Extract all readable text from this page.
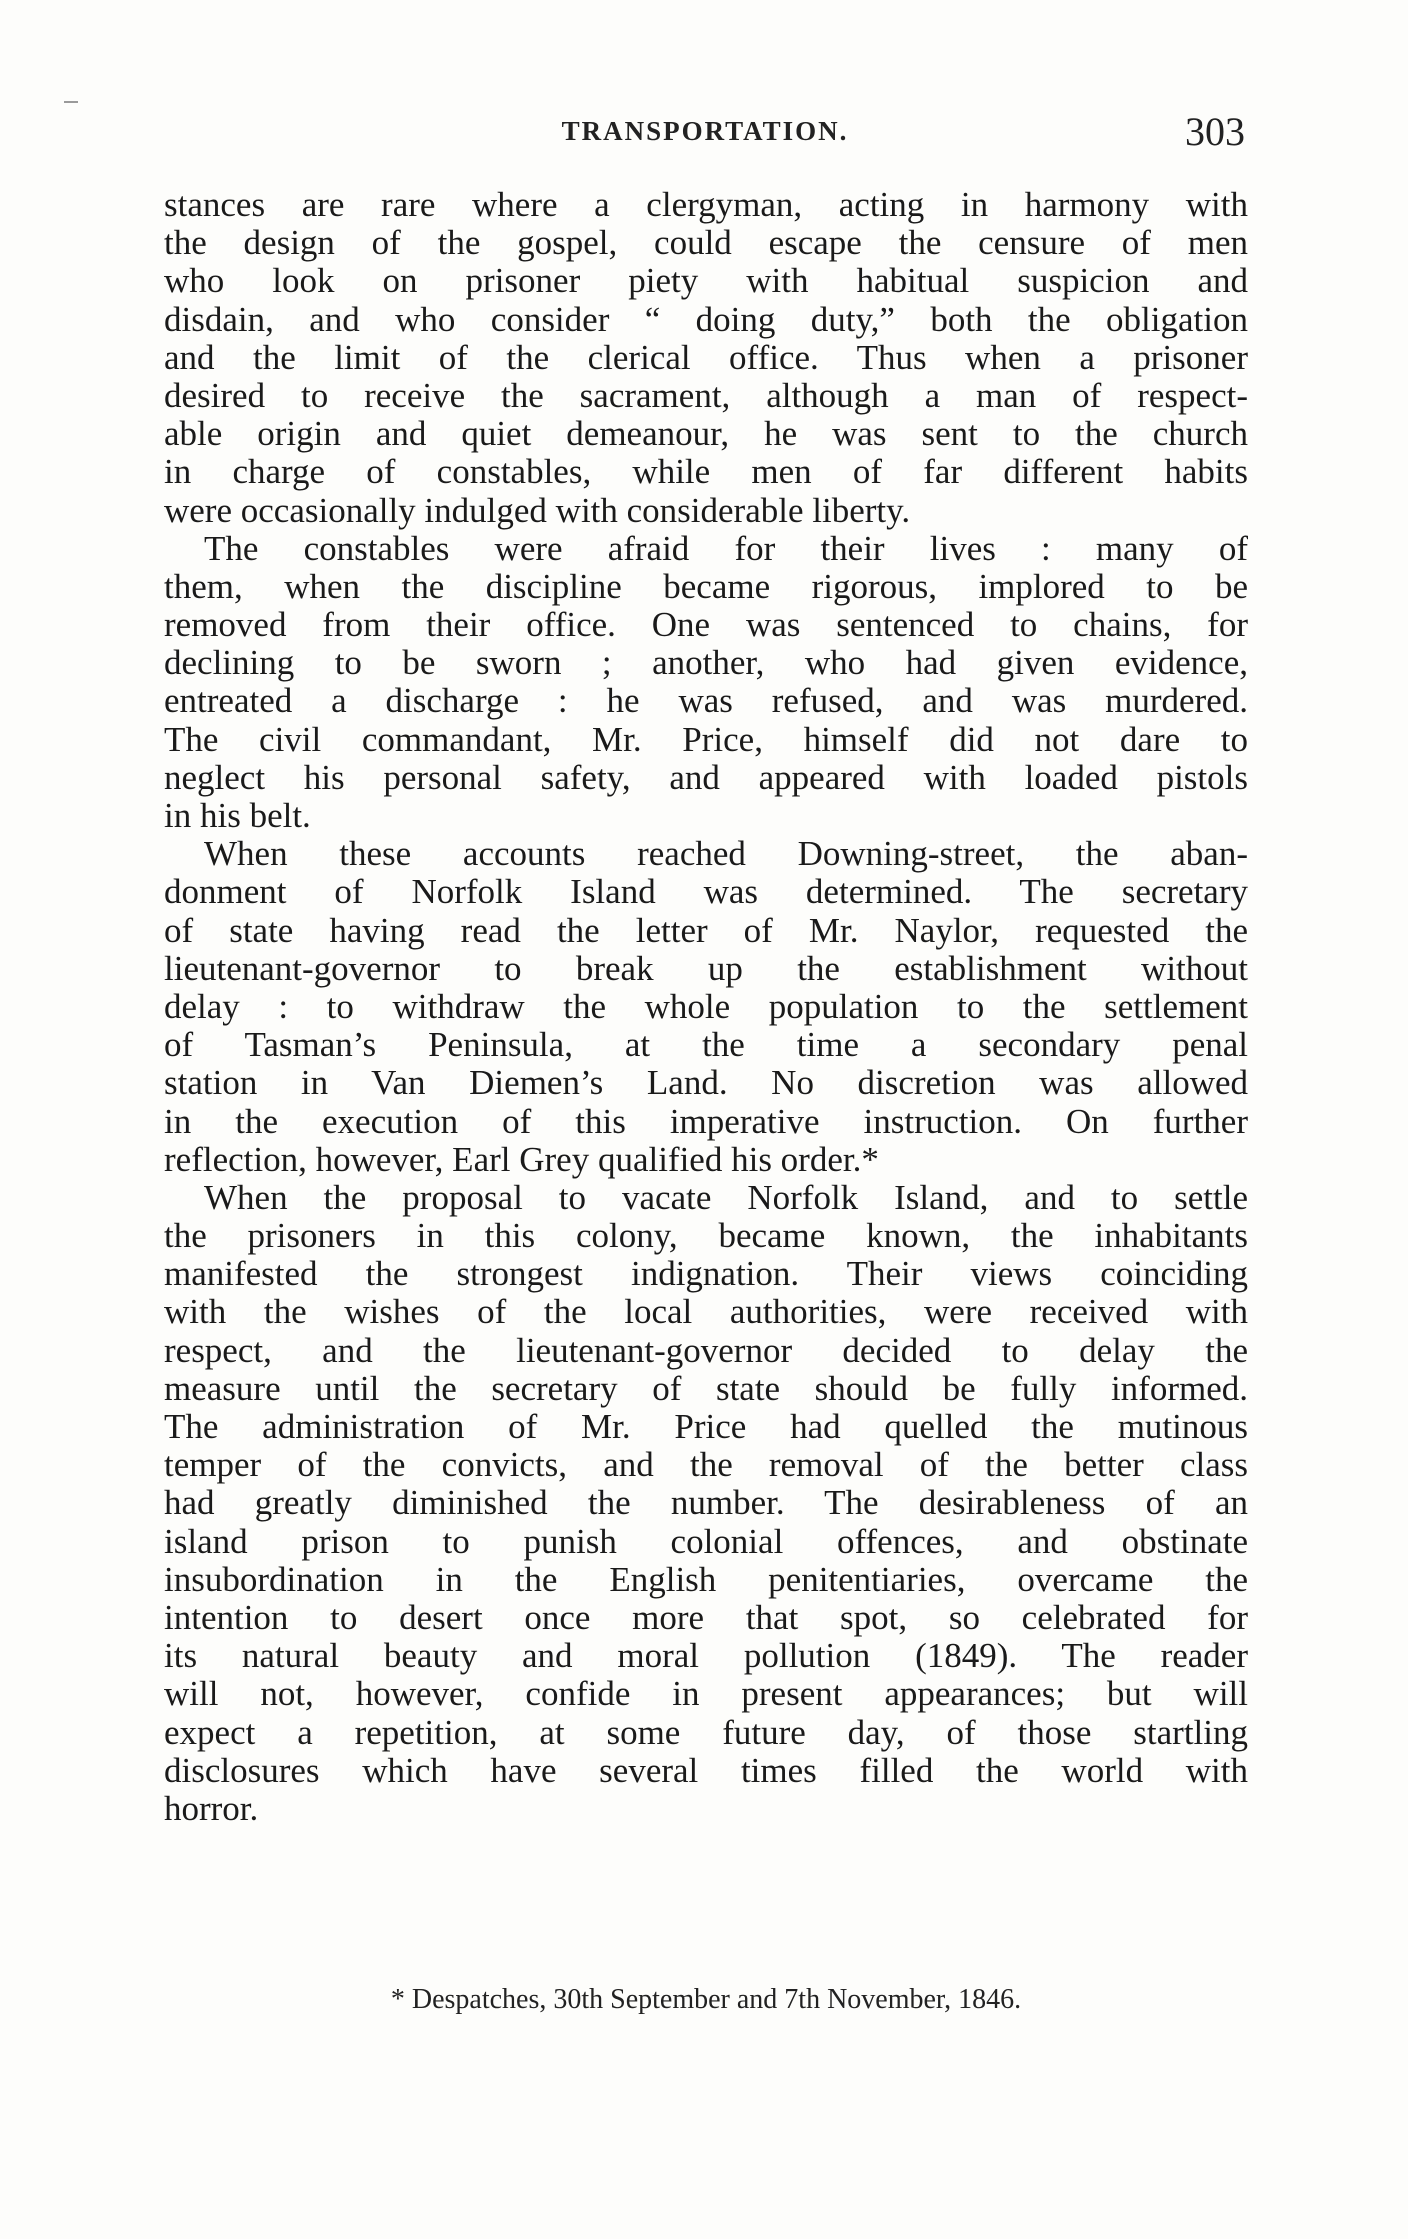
TRANSPORTATION.	303
stances are rare where a clergyman, acting in harmony with
the design of the gospel, could escape the censure of men
who look on prisoner piety with habitual suspicion and
disdain, and who consider “ doing duty,” both the obligation
and the limit of the clerical office. Thus when a prisoner
desired to receive the sacrament, although a man of respect-
able origin and quiet demeanour, he was sent to the church
in charge of constables, while men of far different habits
were occasionally indulged with considerable liberty.
The constables were afraid for their lives : many of
them, when the discipline became rigorous, implored to be
removed from their office. One was sentenced to chains, for
declining to be sworn ; another, who had given evidence,
entreated a discharge : he was refused, and was murdered.
The civil commandant, Mr. Price, himself did not dare to
neglect his personal safety, and appeared with loaded pistols
in his belt.
When these accounts reached Downing-street, the aban-
donment of Norfolk Island was determined. The secretary
of state having read the letter of Mr. Naylor, requested the
lieutenant-governor to break up the establishment without
delay : to withdraw the whole population to the settlement
of Tasman’s Peninsula, at the time a secondary penal
station in Van Diemen’s Land. No discretion was allowed
in the execution of this imperative instruction. On further
reflection, however, Earl Grey qualified his order.*
When the proposal to vacate Norfolk Island, and to settle
the prisoners in this colony, became known, the inhabitants
manifested the strongest indignation. Their views coinciding
with the wishes of the local authorities, were received with
respect, and the lieutenant-governor decided to delay the
measure until the secretary of state should be fully informed.
The administration of Mr. Price had quelled the mutinous
temper of the convicts, and the removal of the better class
had greatly diminished the number. The desirableness of an
island prison to punish colonial offences, and obstinate
insubordination in the English penitentiaries, overcame the
intention to desert once more that spot, so celebrated for
its natural beauty and moral pollution (1849). The reader
will not, however, confide in present appearances; but will
expect a repetition, at some future day, of those startling
disclosures which have several times filled the world with
horror.
* Despatches, 30th September and 7th November, 1846.
